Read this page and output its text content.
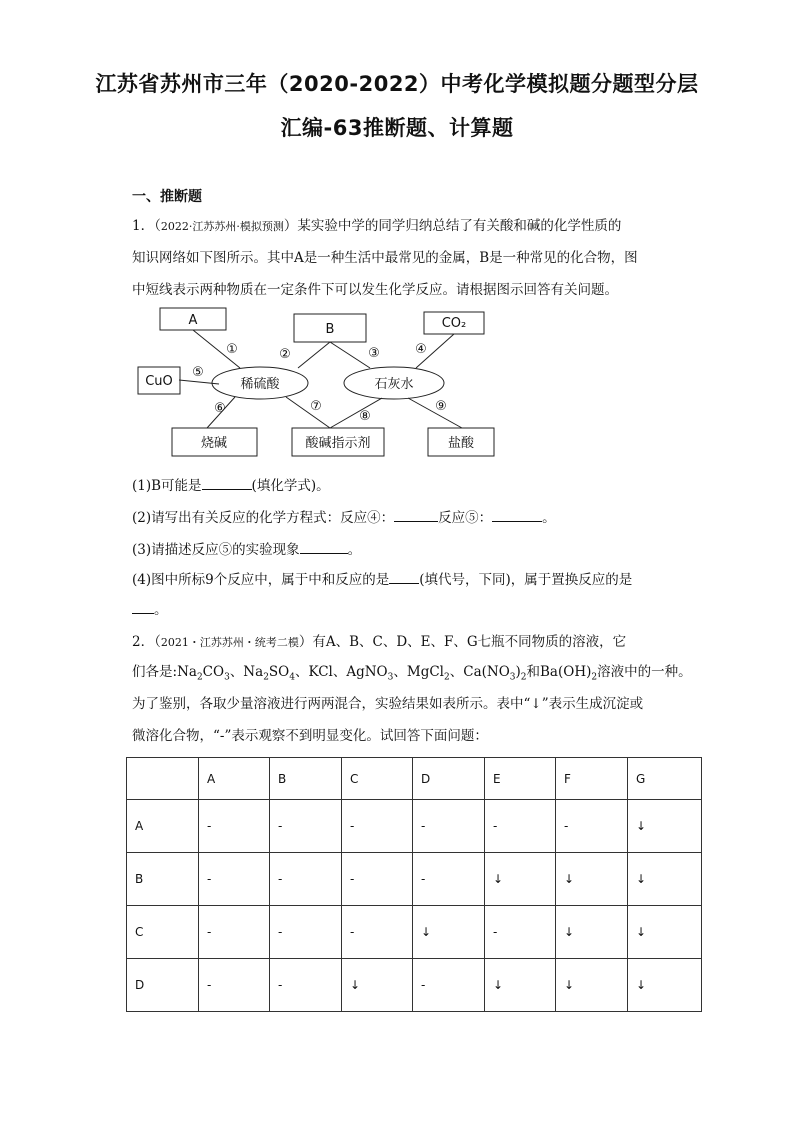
江苏省苏州市三年（2020-2022）中考化学模拟题分题型分层
汇编-63推断题、计算题
一、推断题
1．（2022·江苏苏州·模拟预测）某实验中学的同学归纳总结了有关酸和碱的化学性质的
知识网络如下图所示。其中A是一种生活中最常见的金属，B是一种常见的化合物，图
中短线表示两种物质在一定条件下可以发生化学反应。请根据图示回答有关问题。
A
B	CO₂
CuO	稀硫酸	石灰水
烧碱	酸碱指示剂	盐酸
①	②	③	④
⑤
⑥	⑦
⑧
⑨
(1)B可能是	(填化学式)。
(2)请写出有关反应的化学方程式：反应④：	反应⑤：	。
(3)请描述反应⑤的实验现象	。
(4)图中所标9个反应中，属于中和反应的是 (填代号，下同)，属于置换反应的是
。
2．（2021・江苏苏州・统考二模）有A、B、C、D、E、F、G七瓶不同物质的溶液，它
们各是$:Na_2CO_3$、$Na_2SO_4$、KCl、AgNO$_3$、MgCl$_2$、$Ca(NO_3)_2$和$Ba(OH)_2$溶液中的一种。
为了鉴别，各取少量溶液进行两两混合，实验结果如表所示。表中“↓”表示生成沉淀或
微溶化合物，“-”表示观察不到明显变化。试回答下面问题：
	A	B	C	D	E	F	G
A	-	-	-	-	-	-	↓
B	-	-	-	-	↓	↓	↓
C	-	-	-	↓	-	↓	↓
D	-	-	↓	-	↓	↓	↓
